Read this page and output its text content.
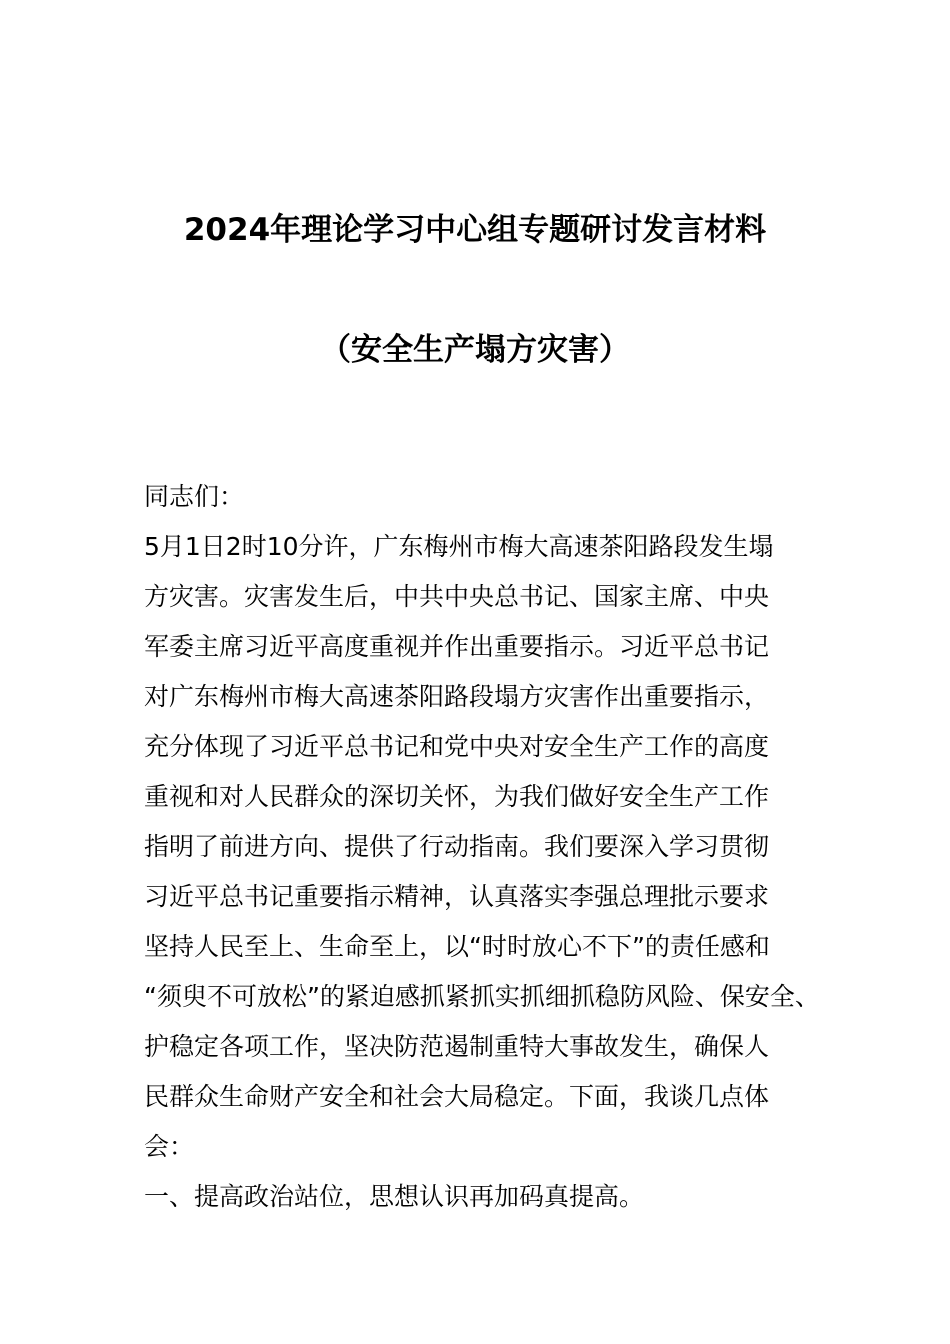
2024年理论学习中心组专题研讨发言材料
（安全生产塌方灾害）
同志们：
5月1日2时10分许，广东梅州市梅大高速茶阳路段发生塌
方灾害。灾害发生后，中共中央总书记、国家主席、中央
军委主席习近平高度重视并作出重要指示。习近平总书记
对广东梅州市梅大高速茶阳路段塌方灾害作出重要指示，
充分体现了习近平总书记和党中央对安全生产工作的高度
重视和对人民群众的深切关怀，为我们做好安全生产工作
指明了前进方向、提供了行动指南。我们要深入学习贯彻
习近平总书记重要指示精神，认真落实李强总理批示要求
坚持人民至上、生命至上，以“时时放心不下”的责任感和
“须臾不可放松”的紧迫感抓紧抓实抓细抓稳防风险、保安全、
护稳定各项工作，坚决防范遏制重特大事故发生，确保人
民群众生命财产安全和社会大局稳定。下面，我谈几点体
会：
一、提高政治站位，思想认识再加码真提高。
